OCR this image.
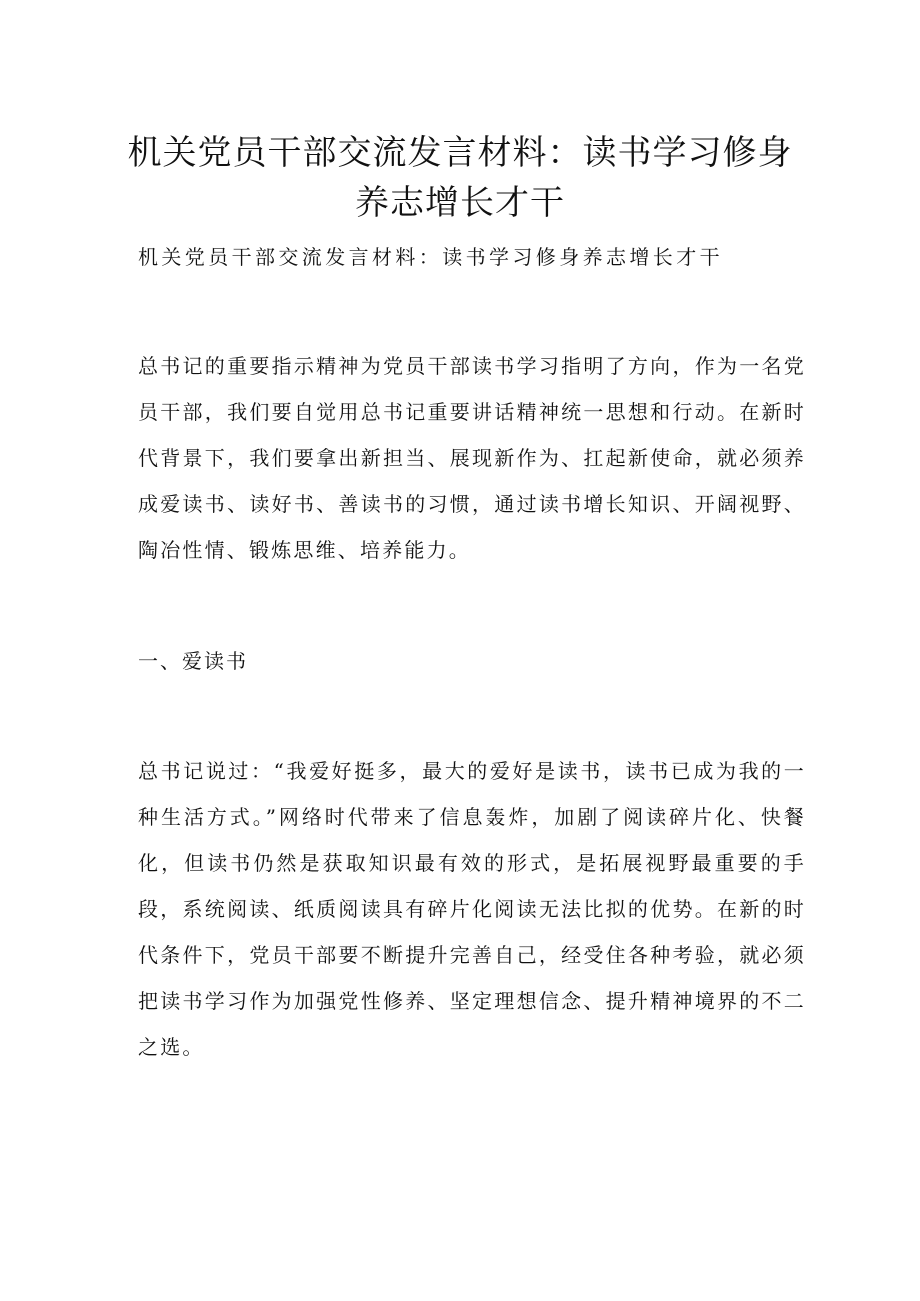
机关党员干部交流发言材料：读书学习修身养志增长才干

机关党员干部交流发言材料：读书学习修身养志增长才干

总书记的重要指示精神为党员干部读书学习指明了方向，作为一名党员干部，我们要自觉用总书记重要讲话精神统一思想和行动。在新时代背景下，我们要拿出新担当、展现新作为、扛起新使命，就必须养成爱读书、读好书、善读书的习惯，通过读书增长知识、开阔视野、陶冶性情、锻炼思维、培养能力。

一、爱读书

总书记说过：“我爱好挺多，最大的爱好是读书，读书已成为我的一种生活方式。”网络时代带来了信息轰炸，加剧了阅读碎片化、快餐化，但读书仍然是获取知识最有效的形式，是拓展视野最重要的手段，系统阅读、纸质阅读具有碎片化阅读无法比拟的优势。在新的时代条件下，党员干部要不断提升完善自己，经受住各种考验，就必须把读书学习作为加强党性修养、坚定理想信念、提升精神境界的不二之选。
